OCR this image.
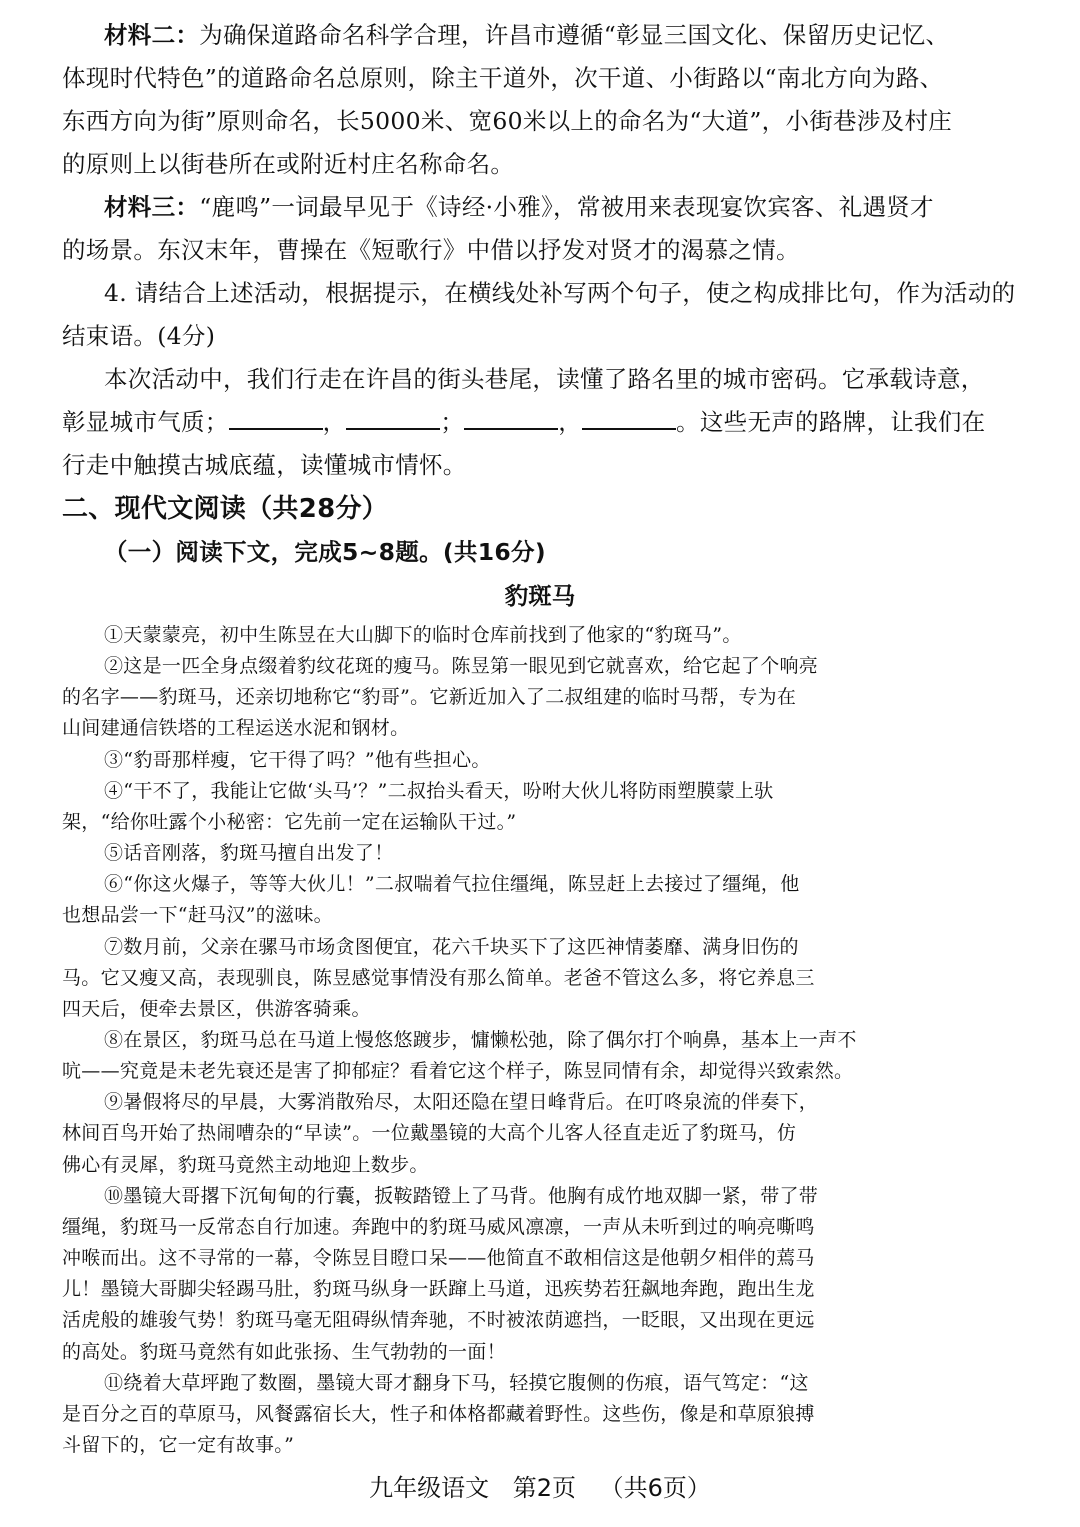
材料二：为确保道路命名科学合理，许昌市遵循“彰显三国文化、保留历史记忆、
体现时代特色”的道路命名总原则，除主干道外，次干道、小街路以“南北方向为路、
东西方向为街”原则命名，长5000米、宽60米以上的命名为“大道”，小街巷涉及村庄
的原则上以街巷所在或附近村庄名称命名。
材料三：“鹿鸣”一词最早见于《诗经·小雅》，常被用来表现宴饮宾客、礼遇贤才
的场景。东汉末年，曹操在《短歌行》中借以抒发对贤才的渴慕之情。
4. 请结合上述活动，根据提示，在横线处补写两个句子，使之构成排比句，作为活动的
结束语。(4分)
本次活动中，我们行走在许昌的街头巷尾，读懂了路名里的城市密码。它承载诗意，
彰显城市气质；	，	；	，	。这些无声的路牌，让我们在
行走中触摸古城底蕴，读懂城市情怀。
二、现代文阅读（共28分）
（一）阅读下文，完成5~8题。(共16分)
豹斑马
①天蒙蒙亮，初中生陈昱在大山脚下的临时仓库前找到了他家的“豹斑马”。
②这是一匹全身点缀着豹纹花斑的瘦马。陈昱第一眼见到它就喜欢，给它起了个响亮
的名字——豹斑马，还亲切地称它“豹哥”。它新近加入了二叔组建的临时马帮，专为在
山间建通信铁塔的工程运送水泥和钢材。
③“豹哥那样瘦，它干得了吗？”他有些担心。
④“干不了，我能让它做‘头马’？”二叔抬头看天，吩咐大伙儿将防雨塑膜蒙上驮
架，“给你吐露个小秘密：它先前一定在运输队干过。”
⑤话音刚落，豹斑马擅自出发了！
⑥“你这火爆子，等等大伙儿！”二叔喘着气拉住缰绳，陈昱赶上去接过了缰绳，他
也想品尝一下“赶马汉”的滋味。
⑦数月前，父亲在骡马市场贪图便宜，花六千块买下了这匹神情萎靡、满身旧伤的
马。它又瘦又高，表现驯良，陈昱感觉事情没有那么简单。老爸不管这么多，将它养息三
四天后，便牵去景区，供游客骑乘。
⑧在景区，豹斑马总在马道上慢悠悠踱步，慵懒松弛，除了偶尔打个响鼻，基本上一声不
吭——究竟是未老先衰还是害了抑郁症？看着它这个样子，陈昱同情有余，却觉得兴致索然。
⑨暑假将尽的早晨，大雾消散殆尽，太阳还隐在望日峰背后。在叮咚泉流的伴奏下，
林间百鸟开始了热闹嘈杂的“早读”。一位戴墨镜的大高个儿客人径直走近了豹斑马，仿
佛心有灵犀，豹斑马竟然主动地迎上数步。
⑩墨镜大哥撂下沉甸甸的行囊，扳鞍踏镫上了马背。他胸有成竹地双脚一紧，带了带
缰绳，豹斑马一反常态自行加速。奔跑中的豹斑马威风凛凛，一声从未听到过的响亮嘶鸣
冲喉而出。这不寻常的一幕，令陈昱目瞪口呆——他简直不敢相信这是他朝夕相伴的蔫马
儿！墨镜大哥脚尖轻踢马肚，豹斑马纵身一跃蹿上马道，迅疾势若狂飙地奔跑，跑出生龙
活虎般的雄骏气势！豹斑马毫无阻碍纵情奔驰，不时被浓荫遮挡，一眨眼，又出现在更远
的高处。豹斑马竟然有如此张扬、生气勃勃的一面！
⑪绕着大草坪跑了数圈，墨镜大哥才翻身下马，轻摸它腹侧的伤痕，语气笃定：“这
是百分之百的草原马，风餐露宿长大，性子和体格都藏着野性。这些伤，像是和草原狼搏
斗留下的，它一定有故事。”
九年级语文 第2页 （共6页）
